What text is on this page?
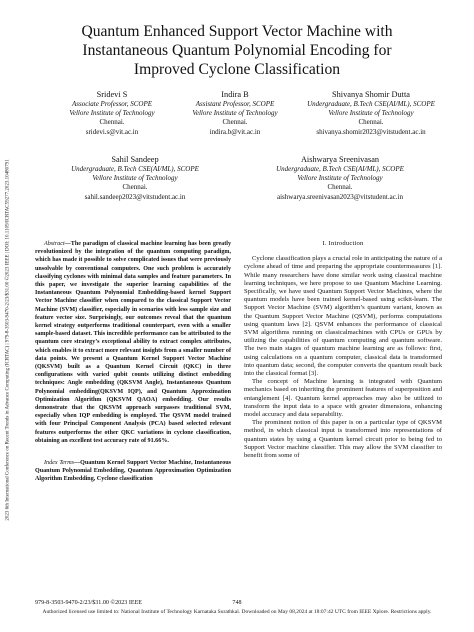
2023 6th International Conference on Recent Trends in Advance Computing (ICRTAC) | 979-8-3503-9470-2/23/$31.00 ©2023 IEEE | DOI: 10.1109/ICRTAC59277.2023.10480791
Quantum Enhanced Support Vector Machine with
Instantaneous Quantum Polynomial Encoding for
Improved Cyclone Classification
Sridevi S
Associate Professor, SCOPE
Vellore Institute of Technology
Chennai.
sridevi.s@vit.ac.in
Indira B
Assistant Professor, SCOPE
Vellore Institute of Technology
Chennai.
indira.b@vit.ac.in
Shivanya Shomir Dutta
Undergraduate, B.Tech CSE(AI/ML), SCOPE
Vellore Institute of Technology
Chennai.
shivanya.shomir2023@vitstudent.ac.in
Sahil Sandeep
Undergraduate, B.Tech CSE(AI/ML), SCOPE
Vellore Institute of Technology
Chennai.
sahil.sandeep2023@vitstudent.ac.in
Aishwarya Sreenivasan
Undergraduate, B.Tech CSE(AI/ML), SCOPE
Vellore Institute of Technology
Chennai.
aishwarya.sreenivasan2023@vitstudent.ac.in

Abstract—The paradigm of classical machine learning has been greatly revolutionized by the integration of the quantum computing paradigm, which has made it possible to solve complicated issues that were previously unsolvable by conventional computers. One such problem is accurately classifying cyclones with minimal data samples and feature parameters. In this paper, we investigate the superior learning capabilities of the Instantaneous Quantum Polynomial Embedding-based kernel Support Vector Machine classifier when compared to the classical Support Vector Machine (SVM) classifier, especially in scenarios with less sample size and feature vector size. Surprisingly, our outcomes reveal that the quantum kernel strategy outperforms traditional counterpart, even with a smaller sample-based dataset. This incredible performance can be attributed to the quantum core strategy’s exceptional ability to extract complex attributes, which enables it to extract more relevant insights from a smaller number of data points. We present a Quantum Kernel Support Vector Machine (QKSVM) built as a Quantum Kernel Circuit (QKC) in three configurations with varied qubit counts utilizing distinct embedding techniques: Angle embedding (QKSVM Angle), Instantaneous Quantum Polynomial embedding(QKSVM IQP), and Quantum Approximation Optimization Algorithm (QKSVM QAOA) embedding. Our results demonstrate that the QKSVM approach surpasses traditional SVM, especially when IQP embedding is employed. The QSVM model trained with four Principal Component Analysis (PCA) based selected relevant features outperforms the other QKC variations in cyclone classification, obtaining an excellent test accuracy rate of 91.66%.

Index Terms—Quantum Kernel Support Vector Machine, Instantaneous Quantum Polynomial Embedding, Quantum Approximation Optimization Algorithm Embedding, Cyclone classification

I. Introduction

Cyclone classification plays a crucial role in anticipating the nature of a cyclone ahead of time and preparing the appropriate countermeasures [1]. While many researchers have done similar work using classical machine learning techniques, we here propose to use Quantum Machine Learning. Specifically, we have used Quantum Support Vector Machines, where the quantum models have been trained kernel-based using scikit-learn. The Support Vector Machine (SVM) algorithm’s quantum variant, known as the Quantum Support Vector Machine (QSVM), performs computations using quantum laws [2]. QSVM enhances the performance of classical SVM algorithms running on classicalmachines with CPUs or GPUs by utilizing the capabilities of quantum computing and quantum software. The two main stages of quantum machine learning are as follows: first, using calculations on a quantum computer, classical data is transformed into quantum data; second, the computer converts the quantum result back into the classical format [3].

The concept of Machine learning is integrated with Quantum mechanics based on inheriting the prominent features of superposition and entanglement [4]. Quantum kernel approaches may also be utilized to transform the input data to a space with greater dimensions, enhancing model accuracy and data separability.

The prominent notion of this paper is on a particular type of QKSVM method, in which classical input is transformed into representations of quantum states by using a Quantum kernel circuit prior to being fed to Support Vector machine classifier. This may allow the SVM classifier to benefit from some of

979-8-3503-9470-2/23/$31.00 ©2023 IEEE	748
Authorized licensed use limited to: National Institute of Technology Karnataka Surathkal. Downloaded on May 08,2024 at 18:07:42 UTC from IEEE Xplore. Restrictions apply.
